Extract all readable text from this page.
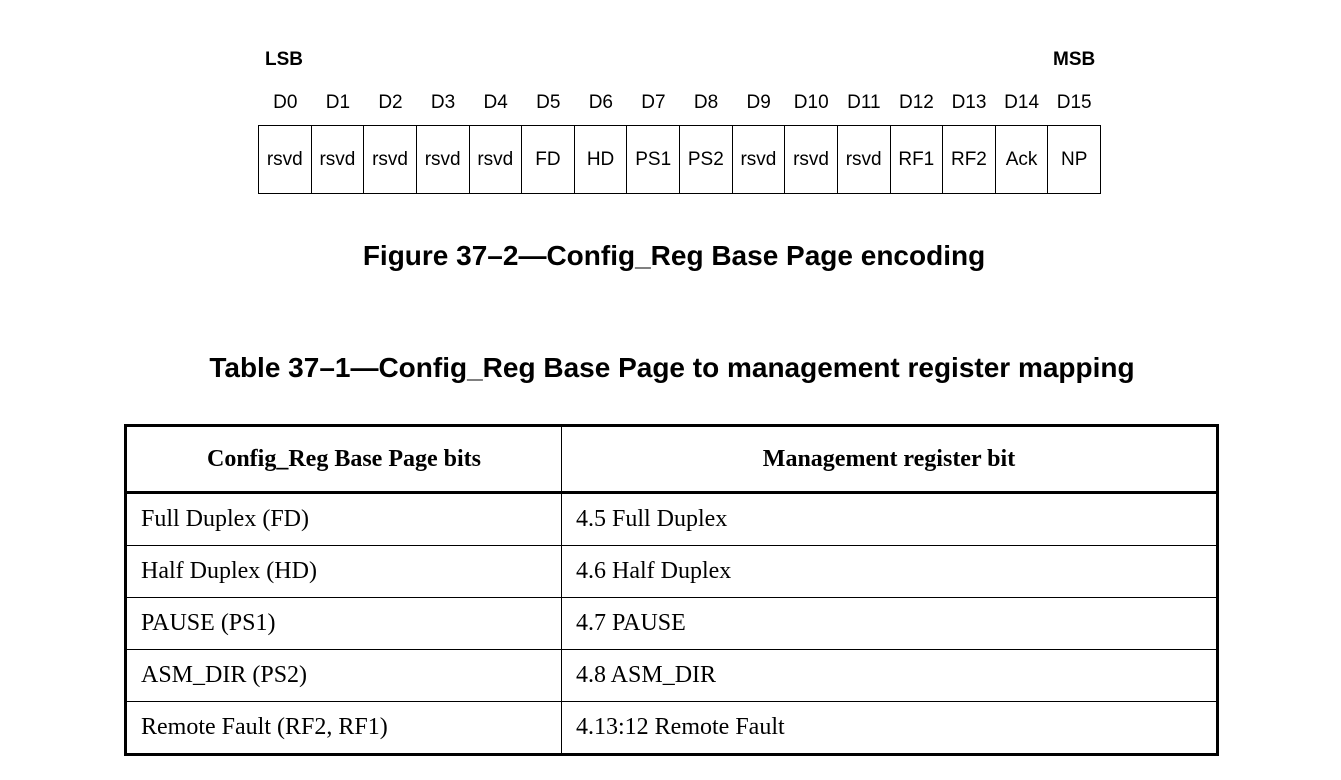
LSB	MSB
D0	D1	D2	D3	D4	D5	D6	D7	D8	D9	D10 D11 D12 D13 D14 D15
rsvd rsvd rsvd rsvd rsvd	FD	HD	PS1 PS2 rsvd rsvd rsvd RF1 RF2 Ack	NP
Figure 37–2—Config_Reg Base Page encoding
Table 37–1—Config_Reg Base Page to management register mapping
Config_Reg Base Page bits	Management register bit
Full Duplex (FD)	4.5 Full Duplex
Half Duplex (HD)	4.6 Half Duplex
PAUSE (PS1)	4.7 PAUSE
ASM_DIR (PS2)	4.8 ASM_DIR
Remote Fault (RF2, RF1)	4.13:12 Remote Fault
